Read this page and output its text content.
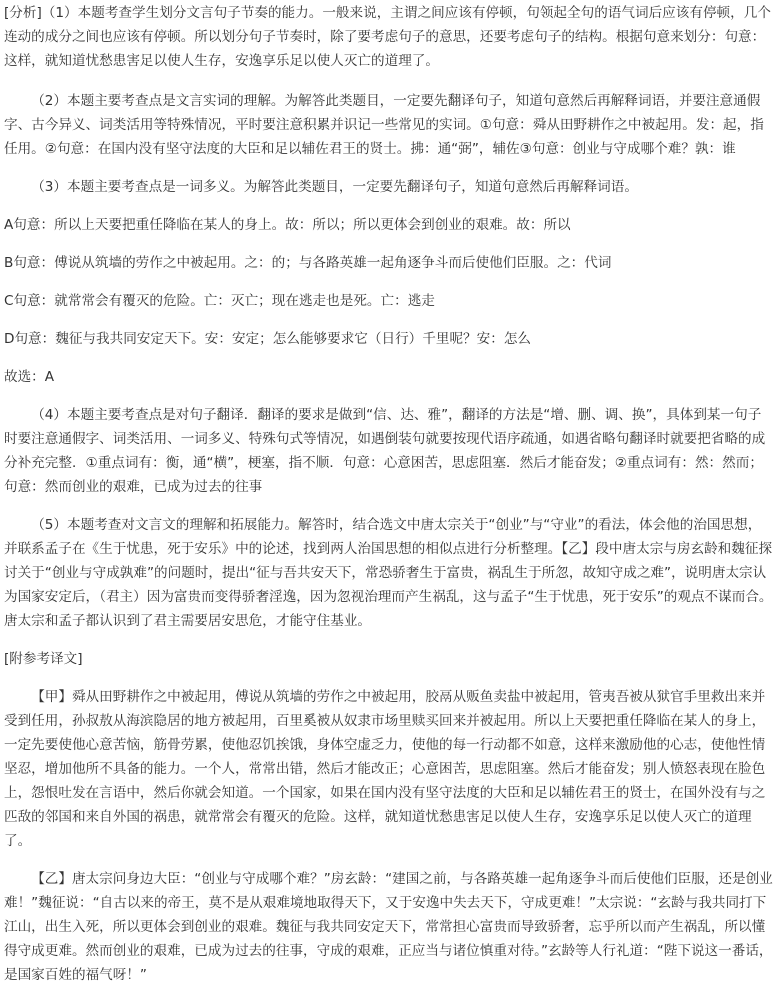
[分析]（1）本题考查学生划分文言句子节奏的能力。一般来说，主谓之间应该有停顿，句领起全句的语气词后应该有停顿，几个连动的成分之间也应该有停顿。所以划分句子节奏时，除了要考虑句子的意思，还要考虑句子的结构。根据句意来划分：句意：这样，就知道忧愁患害足以使人生存，安逸享乐足以使人灭亡的道理了。

（2）本题主要考查点是文言实词的理解。为解答此类题目，一定要先翻译句子，知道句意然后再解释词语，并要注意通假字、古今异义、词类活用等特殊情况，平时要注意积累并识记一些常见的实词。①句意：舜从田野耕作之中被起用。发：起，指任用。②句意：在国内没有坚守法度的大臣和足以辅佐君王的贤士。拂：通“弼”，辅佐③句意：创业与守成哪个难？孰：谁

（3）本题主要考查点是一词多义。为解答此类题目，一定要先翻译句子，知道句意然后再解释词语。

A句意：所以上天要把重任降临在某人的身上。故：所以；所以更体会到创业的艰难。故：所以

B句意：傅说从筑墙的劳作之中被起用。之：的；与各路英雄一起角逐争斗而后使他们臣服。之：代词

C句意：就常常会有覆灭的危险。亡：灭亡；现在逃走也是死。亡：逃走

D句意：魏征与我共同安定天下。安：安定；怎么能够要求它（日行）千里呢？安：怎么

故选：A

（4）本题主要考查点是对句子翻译．翻译的要求是做到“信、达、雅”，翻译的方法是“增、删、调、换”，具体到某一句子时要注意通假字、词类活用、一词多义、特殊句式等情况，如遇倒装句就要按现代语序疏通，如遇省略句翻译时就要把省略的成分补充完整．①重点词有：衡，通“横”，梗塞，指不顺．句意：心意困苦，思虑阻塞．然后才能奋发；②重点词有：然：然而；句意：然而创业的艰难，已成为过去的往事

（5）本题考查对文言文的理解和拓展能力。解答时，结合选文中唐太宗关于“创业”与“守业”的看法，体会他的治国思想，并联系孟子在《生于忧患，死于安乐》中的论述，找到两人治国思想的相似点进行分析整理。【乙】段中唐太宗与房玄龄和魏征探讨关于“创业与守成孰难”的问题时，提出“征与吾共安天下，常恐骄奢生于富贵，祸乱生于所忽，故知守成之难”，说明唐太宗认为国家安定后，（君主）因为富贵而变得骄奢淫逸，因为忽视治理而产生祸乱，这与孟子“生于忧患，死于安乐”的观点不谋而合。唐太宗和孟子都认识到了君主需要居安思危，才能守住基业。

[附参考译文]

【甲】舜从田野耕作之中被起用，傅说从筑墙的劳作之中被起用，胶鬲从贩鱼卖盐中被起用，管夷吾被从狱官手里救出来并受到任用，孙叔敖从海滨隐居的地方被起用，百里奚被从奴隶市场里赎买回来并被起用。所以上天要把重任降临在某人的身上，一定先要使他心意苦恼，筋骨劳累，使他忍饥挨饿，身体空虚乏力，使他的每一行动都不如意，这样来激励他的心志，使他性情坚忍，增加他所不具备的能力。一个人，常常出错，然后才能改正；心意困苦，思虑阻塞。然后才能奋发；别人愤怒表现在脸色上，怨恨吐发在言语中，然后你就会知道。一个国家，如果在国内没有坚守法度的大臣和足以辅佐君王的贤士，在国外没有与之匹敌的邻国和来自外国的祸患，就常常会有覆灭的危险。这样，就知道忧愁患害足以使人生存，安逸享乐足以使人灭亡的道理了。

【乙】唐太宗问身边大臣：“创业与守成哪个难？”房玄龄：“建国之前，与各路英雄一起角逐争斗而后使他们臣服，还是创业难！”魏征说：“自古以来的帝王，莫不是从艰难境地取得天下，又于安逸中失去天下，守成更难！”太宗说：“玄龄与我共同打下江山，出生入死，所以更体会到创业的艰难。魏征与我共同安定天下，常常担心富贵而导致骄奢，忘乎所以而产生祸乱，所以懂得守成更难。然而创业的艰难，已成为过去的往事，守成的艰难，正应当与诸位慎重对待。”玄龄等人行礼道：“陛下说这一番话，是国家百姓的福气呀！”
